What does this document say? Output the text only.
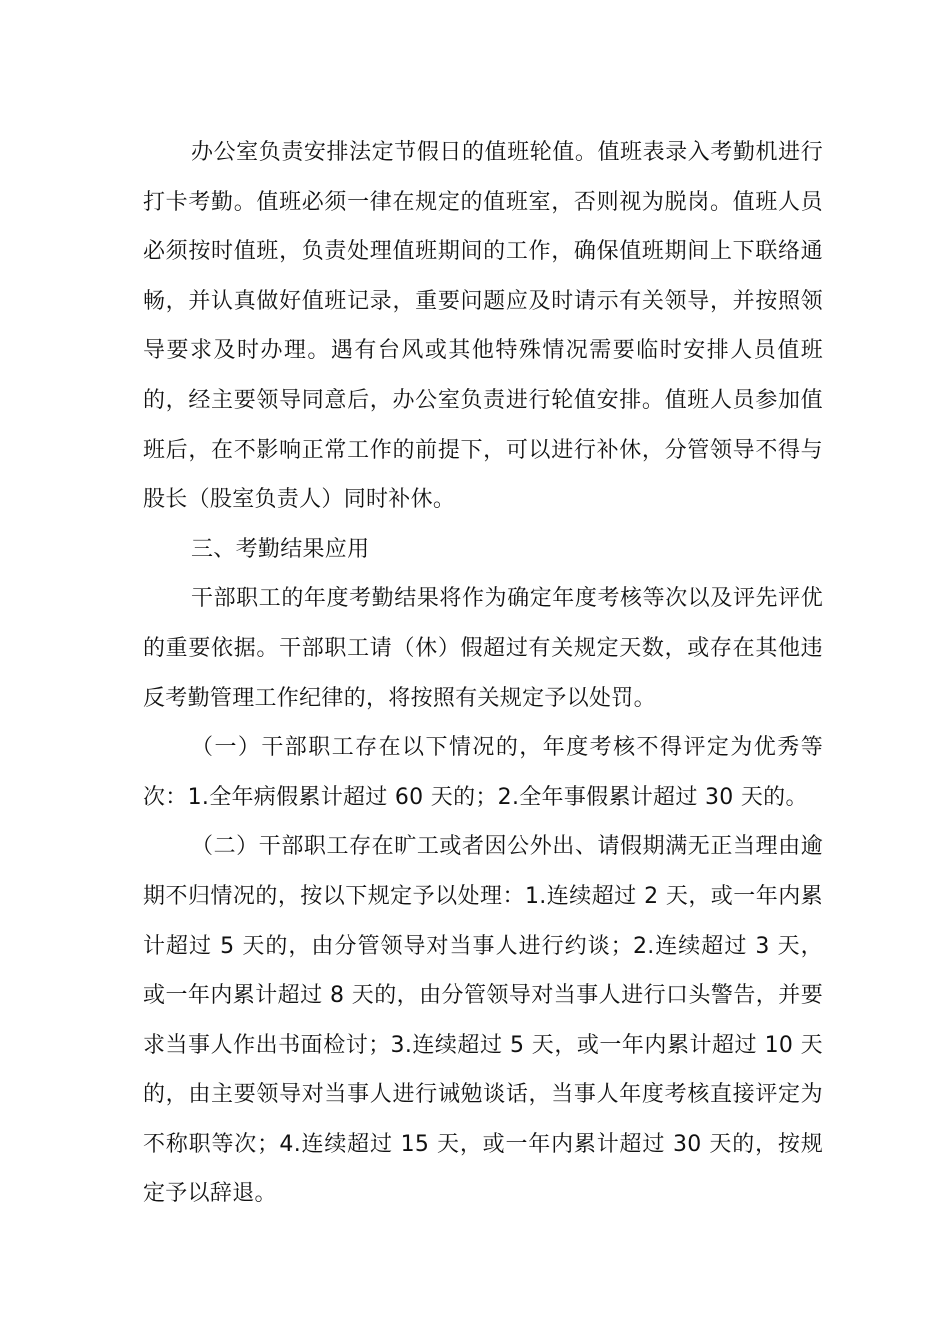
办公室负责安排法定节假日的值班轮值。值班表录入考勤机进行打卡考勤。值班必须一律在规定的值班室，否则视为脱岗。值班人员必须按时值班，负责处理值班期间的工作，确保值班期间上下联络通畅，并认真做好值班记录，重要问题应及时请示有关领导，并按照领导要求及时办理。遇有台风或其他特殊情况需要临时安排人员值班的，经主要领导同意后，办公室负责进行轮值安排。值班人员参加值班后，在不影响正常工作的前提下，可以进行补休，分管领导不得与股长（股室负责人）同时补休。

三、考勤结果应用

干部职工的年度考勤结果将作为确定年度考核等次以及评先评优的重要依据。干部职工请（休）假超过有关规定天数，或存在其他违反考勤管理工作纪律的，将按照有关规定予以处罚。

（一）干部职工存在以下情况的，年度考核不得评定为优秀等次：1.全年病假累计超过 60 天的；2.全年事假累计超过 30 天的。

（二）干部职工存在旷工或者因公外出、请假期满无正当理由逾期不归情况的，按以下规定予以处理：1.连续超过 2 天，或一年内累计超过 5 天的，由分管领导对当事人进行约谈；2.连续超过 3 天，或一年内累计超过 8 天的，由分管领导对当事人进行口头警告，并要求当事人作出书面检讨；3.连续超过 5 天，或一年内累计超过 10 天的，由主要领导对当事人进行诫勉谈话，当事人年度考核直接评定为不称职等次；4.连续超过 15 天，或一年内累计超过 30 天的，按规定予以辞退。
